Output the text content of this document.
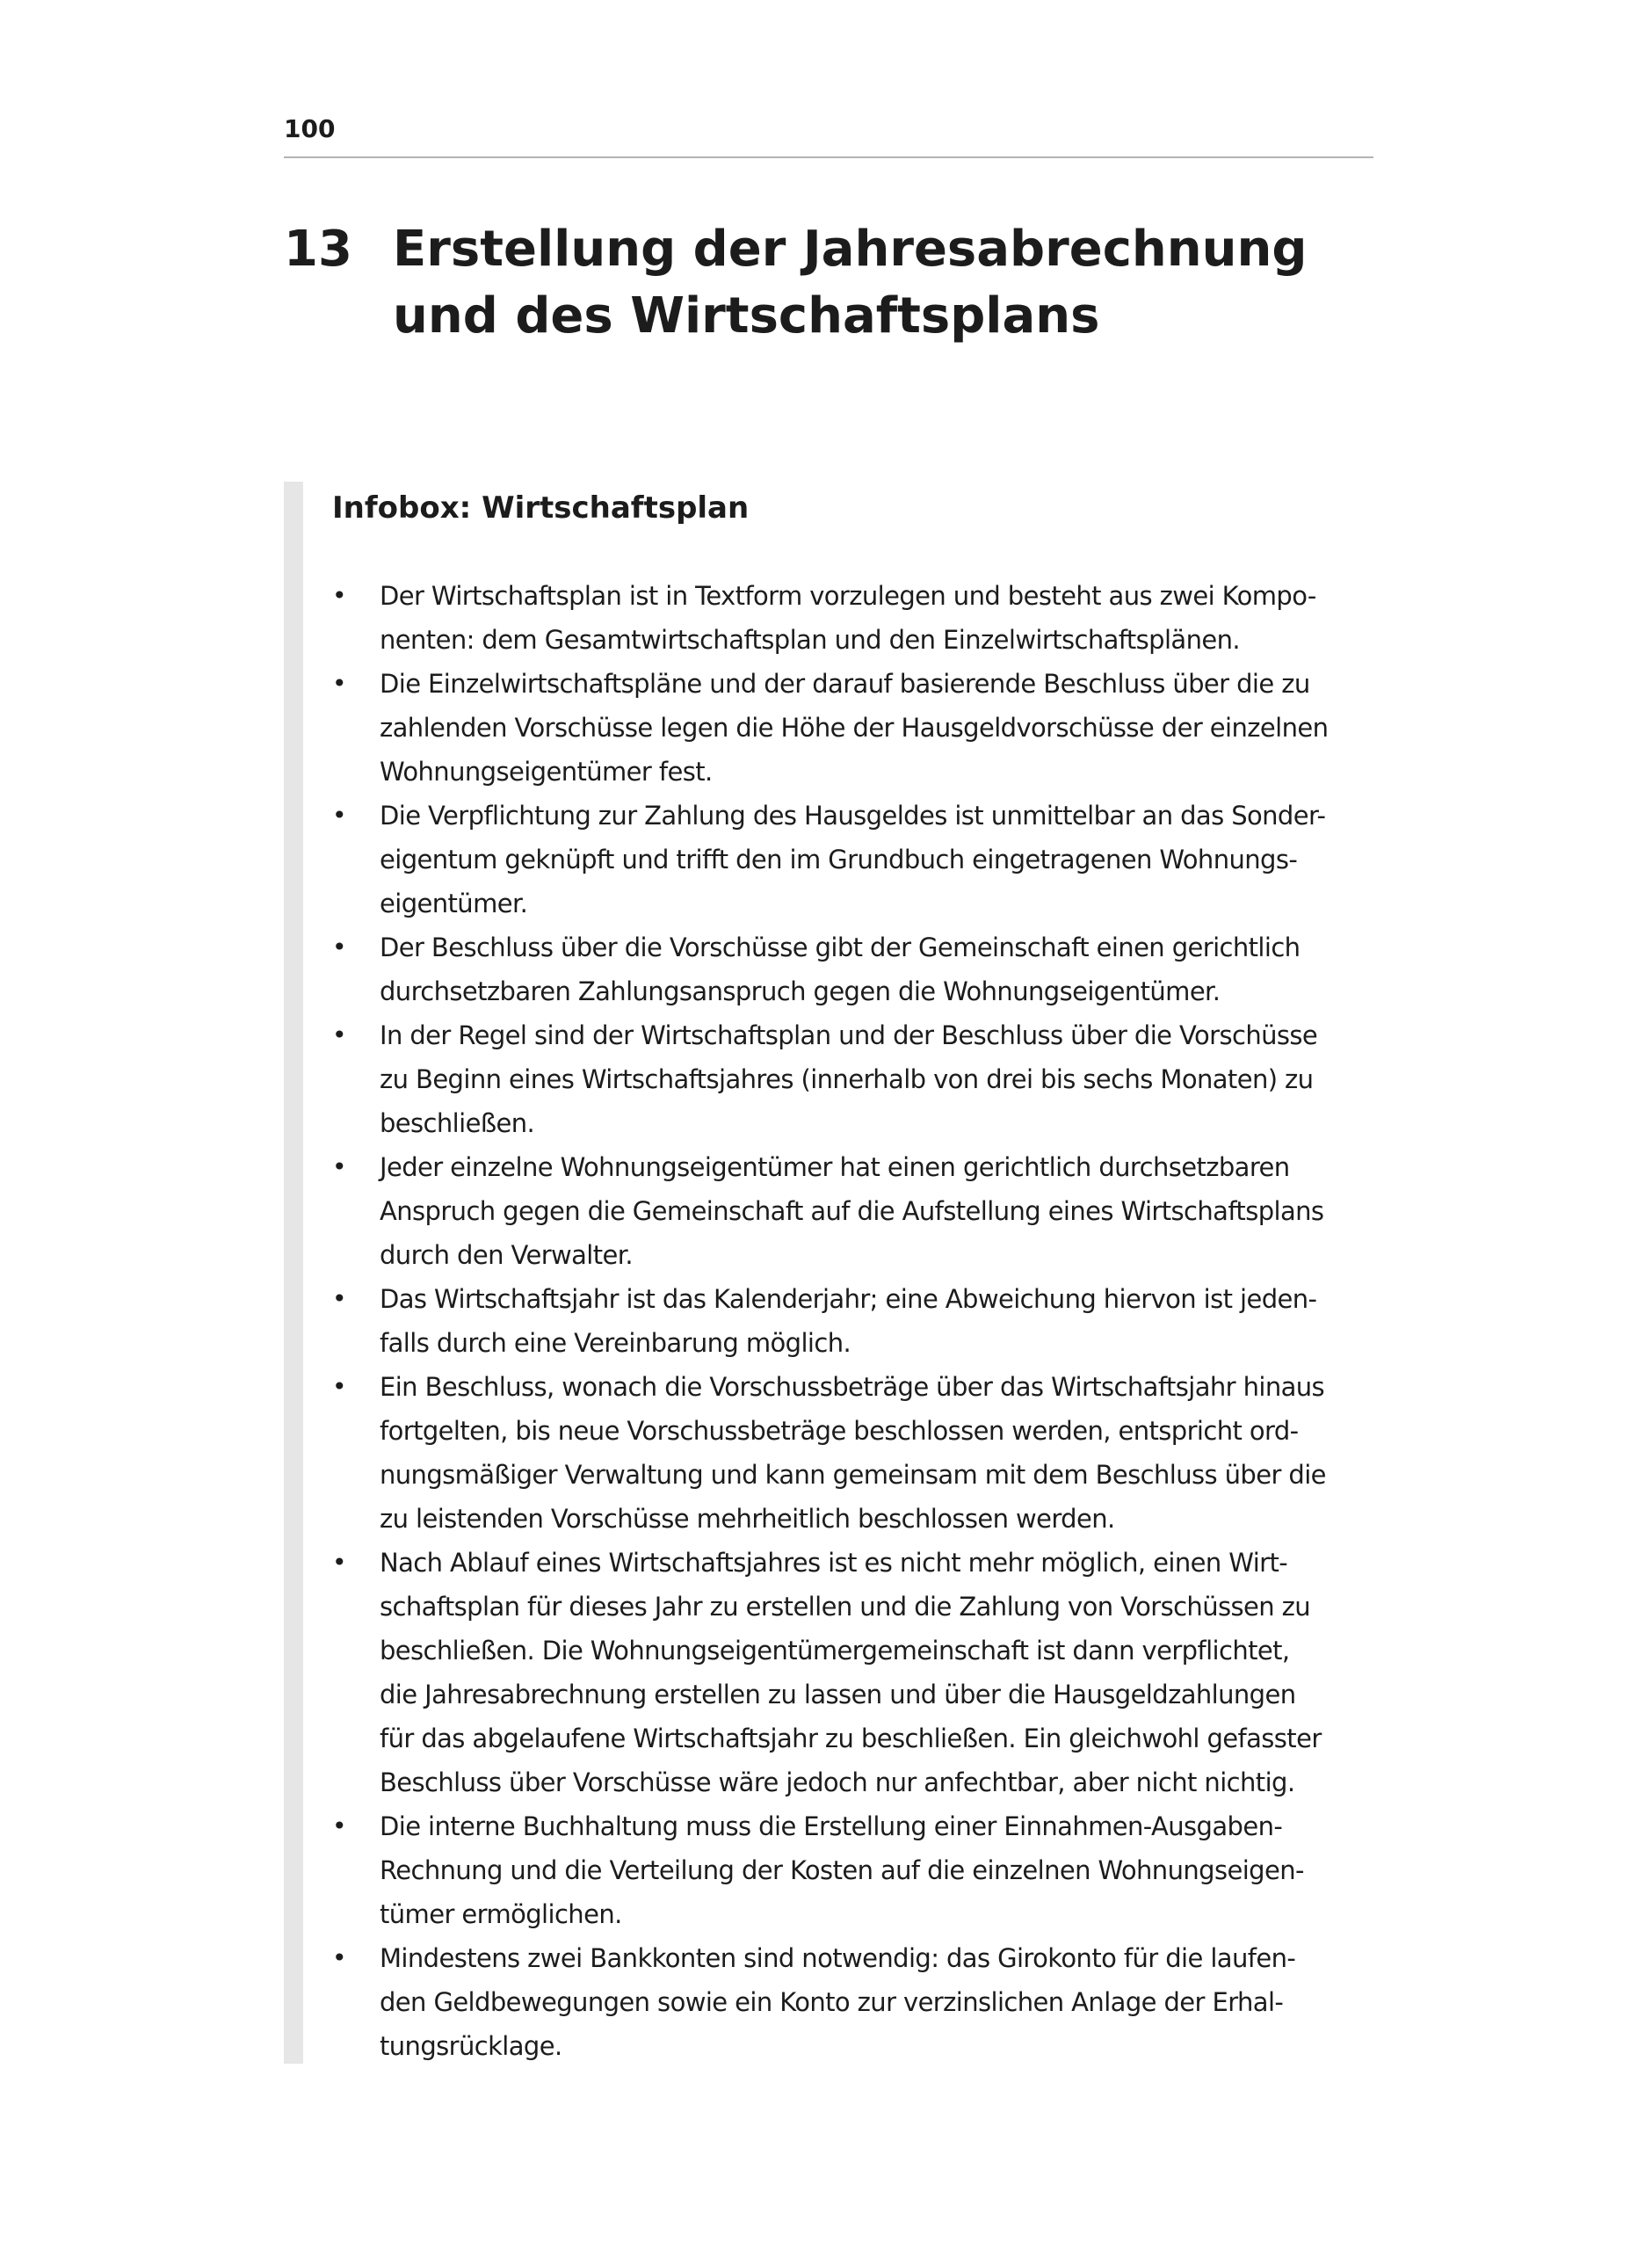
100
13 Erstellung der Jahresabrechnung
und des Wirtschaftsplans
Infobox: Wirtschaftsplan
• Der Wirtschaftsplan ist in Textform vorzulegen und besteht aus zwei Kompo-
nenten: dem Gesamtwirtschaftsplan und den Einzelwirtschaftsplänen.
• Die Einzelwirtschaftspläne und der darauf basierende Beschluss über die zu
zahlenden Vorschüsse legen die Höhe der Hausgeldvorschüsse der einzelnen
Wohnungseigentümer fest.
• Die Verpflichtung zur Zahlung des Hausgeldes ist unmittelbar an das Sonder-
eigentum geknüpft und trifft den im Grundbuch eingetragenen Wohnungs-
eigentümer.
• Der Beschluss über die Vorschüsse gibt der Gemeinschaft einen gerichtlich
durchsetzbaren Zahlungsanspruch gegen die Wohnungseigentümer.
• In der Regel sind der Wirtschaftsplan und der Beschluss über die Vorschüsse
zu Beginn eines Wirtschaftsjahres (innerhalb von drei bis sechs Monaten) zu
beschließen.
• Jeder einzelne Wohnungseigentümer hat einen gerichtlich durchsetzbaren
Anspruch gegen die Gemeinschaft auf die Aufstellung eines Wirtschaftsplans
durch den Verwalter.
• Das Wirtschaftsjahr ist das Kalenderjahr; eine Abweichung hiervon ist jeden-
falls durch eine Vereinbarung möglich.
• Ein Beschluss, wonach die Vorschussbeträge über das Wirtschaftsjahr hinaus
fortgelten, bis neue Vorschussbeträge beschlossen werden, entspricht ord-
nungsmäßiger Verwaltung und kann gemeinsam mit dem Beschluss über die
zu leistenden Vorschüsse mehrheitlich beschlossen werden.
• Nach Ablauf eines Wirtschaftsjahres ist es nicht mehr möglich, einen Wirt-
schaftsplan für dieses Jahr zu erstellen und die Zahlung von Vorschüssen zu
beschließen. Die Wohnungseigentümergemeinschaft ist dann verpflichtet,
die Jahresabrechnung erstellen zu lassen und über die Hausgeldzahlungen
für das abgelaufene Wirtschaftsjahr zu beschließen. Ein gleichwohl gefasster
Beschluss über Vorschüsse wäre jedoch nur anfechtbar, aber nicht nichtig.
• Die interne Buchhaltung muss die Erstellung einer Einnahmen-Ausgaben-
Rechnung und die Verteilung der Kosten auf die einzelnen Wohnungseigen-
tümer ermöglichen.
• Mindestens zwei Bankkonten sind notwendig: das Girokonto für die laufen-
den Geldbewegungen sowie ein Konto zur verzinslichen Anlage der Erhal-
tungsrücklage.
